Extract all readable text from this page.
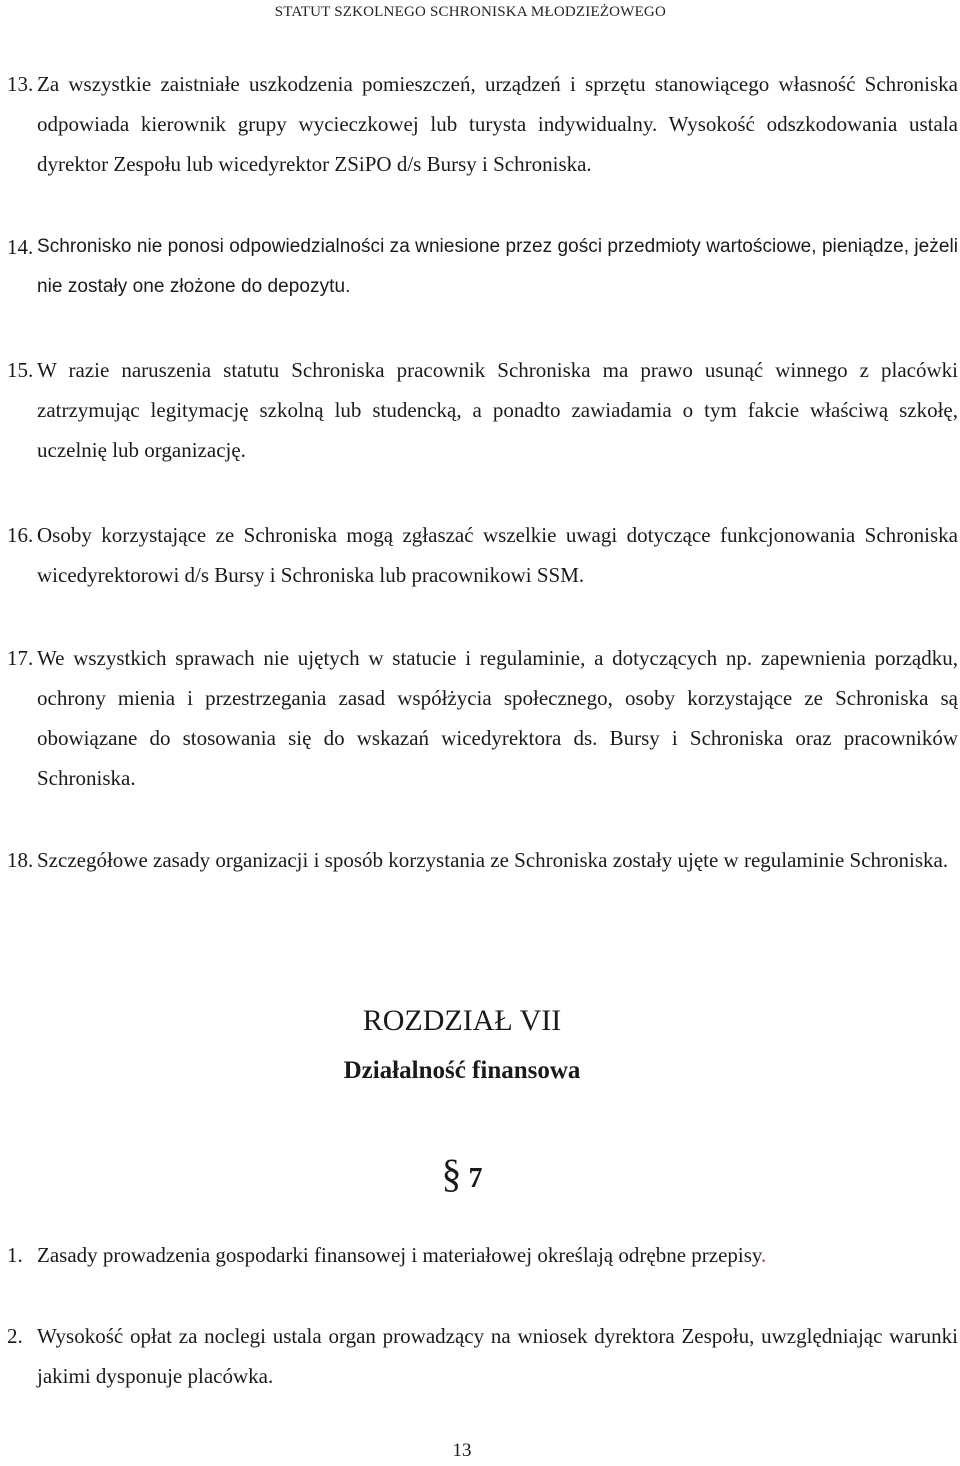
STATUT SZKOLNEGO SCHRONISKA MŁODZIEŻOWEGO
13. Za wszystkie zaistniałe uszkodzenia pomieszczeń, urządzeń i sprzętu stanowiącego własność Schroniska odpowiada kierownik grupy wycieczkowej lub turysta indywidualny. Wysokość odszkodowania ustala dyrektor Zespołu lub wicedyrektor ZSiPO d/s Bursy i Schroniska.
14. Schronisko nie ponosi odpowiedzialności za wniesione przez gości przedmioty wartościowe, pieniądze, jeżeli nie zostały one złożone do depozytu.
15. W razie naruszenia statutu Schroniska pracownik Schroniska ma prawo usunąć winnego z placówki zatrzymując legitymację szkolną lub studencką, a ponadto zawiadamia o tym fakcie właściwą szkołę, uczelnię lub organizację.
16. Osoby korzystające ze Schroniska mogą zgłaszać wszelkie uwagi dotyczące funkcjonowania Schroniska wicedyrektorowi d/s Bursy i Schroniska lub pracownikowi SSM.
17. We wszystkich sprawach nie ujętych w statucie i regulaminie, a dotyczących np. zapewnienia porządku, ochrony mienia i przestrzegania zasad współżycia społecznego, osoby korzystające ze Schroniska są obowiązane do stosowania się do wskazań wicedyrektora ds. Bursy i Schroniska oraz pracowników Schroniska.
18. Szczegółowe zasady organizacji i sposób korzystania ze Schroniska zostały ujęte w regulaminie Schroniska.
ROZDZIAŁ VII
Działalność finansowa
§ 7
1. Zasady prowadzenia gospodarki finansowej i materiałowej określają odrębne przepisy.
2. Wysokość opłat za noclegi ustala organ prowadzący na wniosek dyrektora Zespołu, uwzględniając warunki jakimi dysponuje placówka.
13
